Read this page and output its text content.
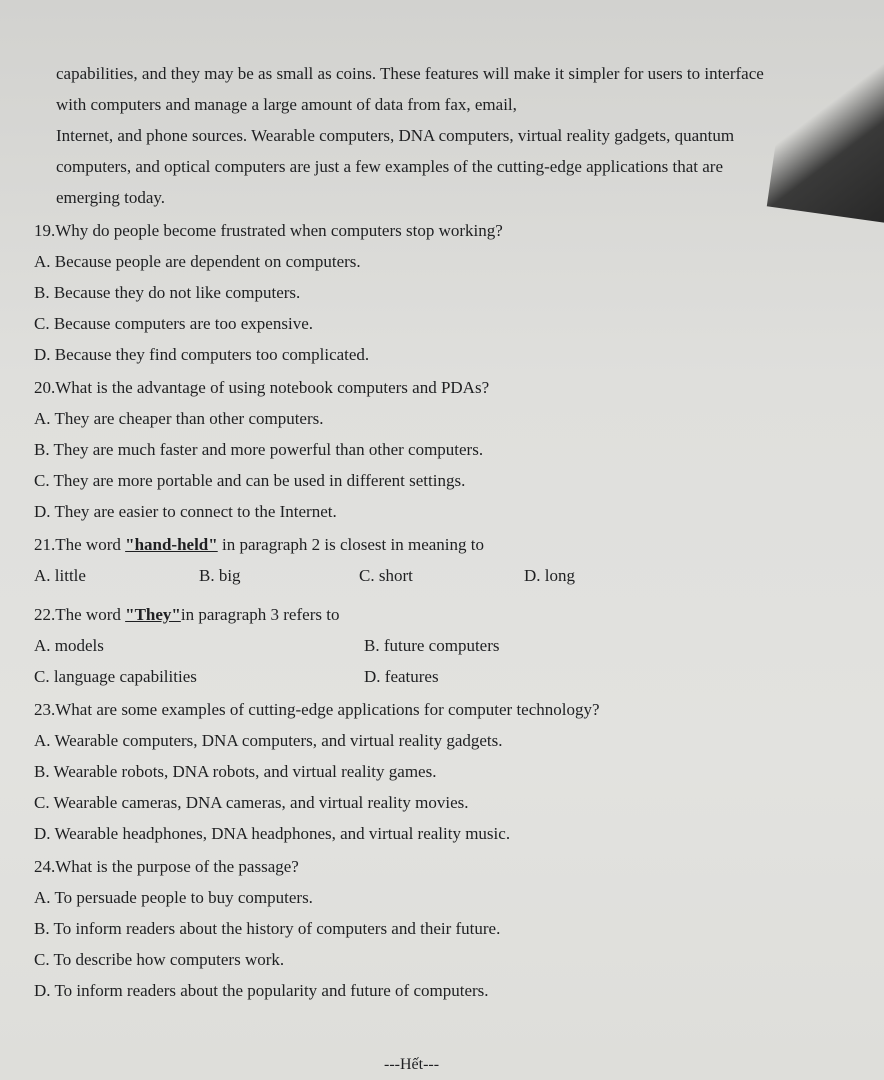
capabilities, and they may be as small as coins. These features will make it simpler for users to interface
with computers and manage a large amount of data from fax, email,
Internet, and phone sources. Wearable computers, DNA computers, virtual reality gadgets, quantum
computers, and optical computers are just a few examples of the cutting-edge applications that are
emerging today.
19.Why do people become frustrated when computers stop working?
A. Because people are dependent on computers.
B. Because they do not like computers.
C. Because computers are too expensive.
D. Because they find computers too complicated.
20.What is the advantage of using notebook computers and PDAs?
A. They are cheaper than other computers.
B. They are much faster and more powerful than other computers.
C. They are more portable and can be used in different settings.
D. They are easier to connect to the Internet.
21.The word "hand-held" in paragraph 2 is closest in meaning to
A. little	B. big	C. short	D. long
22.The word "They"in paragraph 3 refers to
A. models	B. future computers
C. language capabilities	D. features
23.What are some examples of cutting-edge applications for computer technology?
A. Wearable computers, DNA computers, and virtual reality gadgets.
B. Wearable robots, DNA robots, and virtual reality games.
C. Wearable cameras, DNA cameras, and virtual reality movies.
D. Wearable headphones, DNA headphones, and virtual reality music.
24.What is the purpose of the passage?
A. To persuade people to buy computers.
B. To inform readers about the history of computers and their future.
C. To describe how computers work.
D. To inform readers about the popularity and future of computers.
---Hết---
